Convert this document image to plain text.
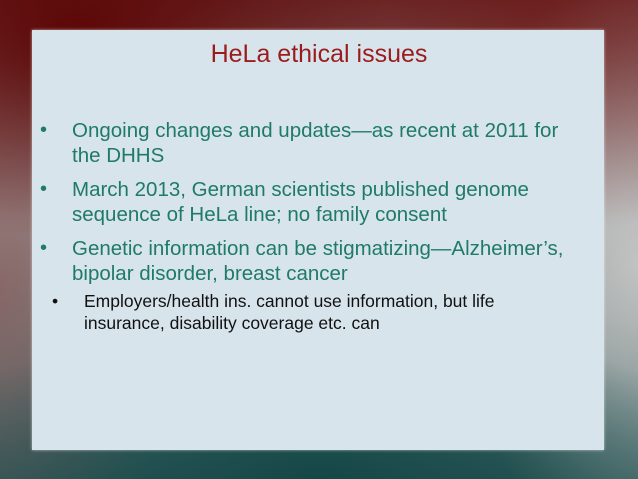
HeLa ethical issues
• Ongoing changes and updates—as recent at 2011 for the DHHS
• March 2013, German scientists published genome sequence of HeLa line; no family consent
• Genetic information can be stigmatizing—Alzheimer’s, bipolar disorder, breast cancer
• Employers/health ins. cannot use information, but life insurance, disability coverage etc. can
